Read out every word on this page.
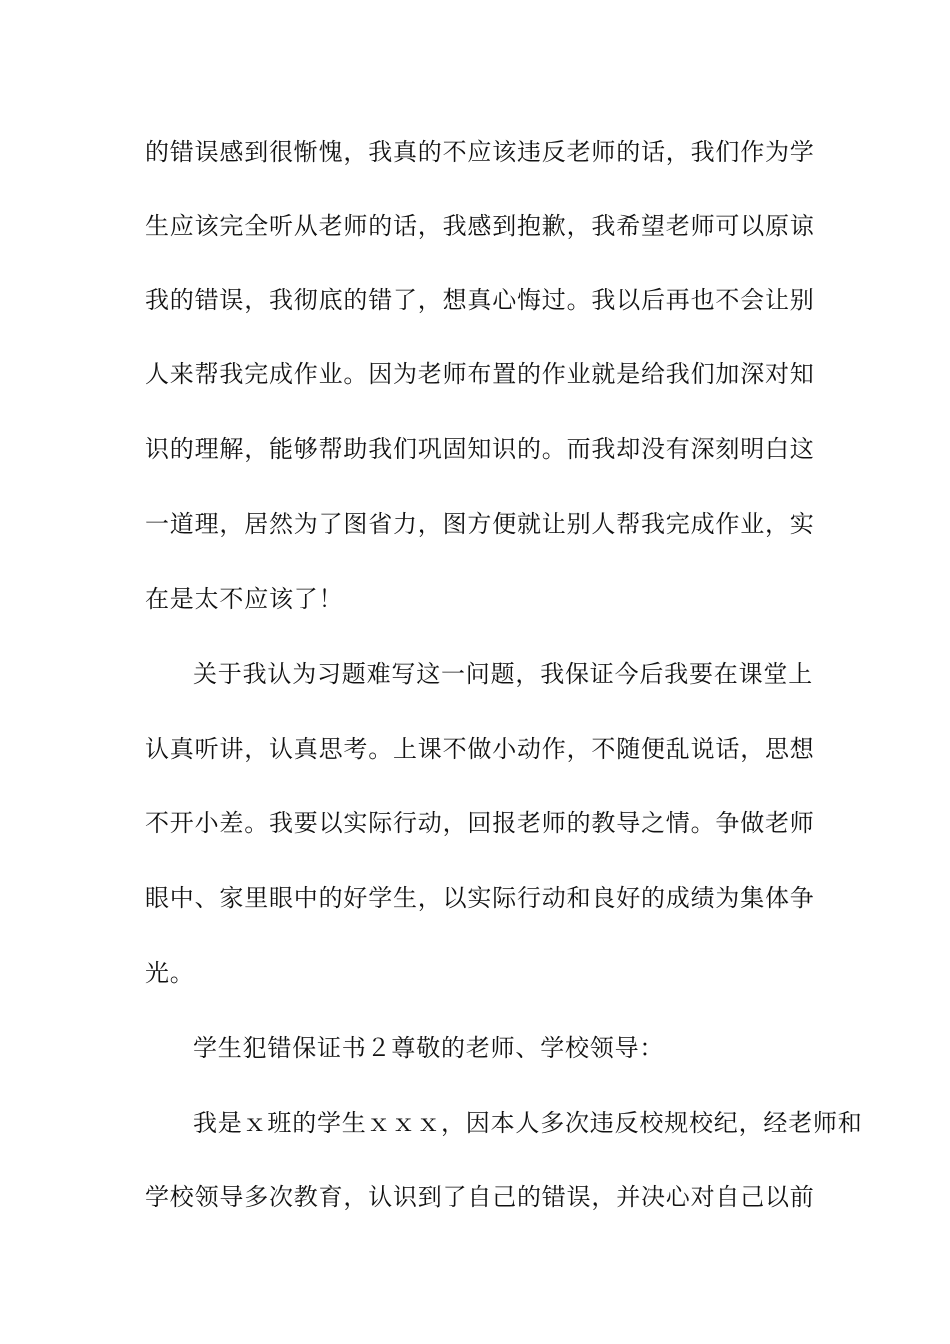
的错误感到很惭愧，我真的不应该违反老师的话，我们作为学
生应该完全听从老师的话，我感到抱歉，我希望老师可以原谅
我的错误，我彻底的错了，想真心悔过。我以后再也不会让别
人来帮我完成作业。因为老师布置的作业就是给我们加深对知
识的理解，能够帮助我们巩固知识的。而我却没有深刻明白这
一道理，居然为了图省力，图方便就让别人帮我完成作业，实
在是太不应该了！
关于我认为习题难写这一问题，我保证今后我要在课堂上
认真听讲，认真思考。上课不做小动作，不随便乱说话，思想
不开小差。我要以实际行动，回报老师的教导之情。争做老师
眼中、家里眼中的好学生，以实际行动和良好的成绩为集体争
光。
学生犯错保证书２尊敬的老师、学校领导：
我是ｘ班的学生ｘｘｘ，因本人多次违反校规校纪，经老师和
学校领导多次教育，认识到了自己的错误，并决心对自己以前
